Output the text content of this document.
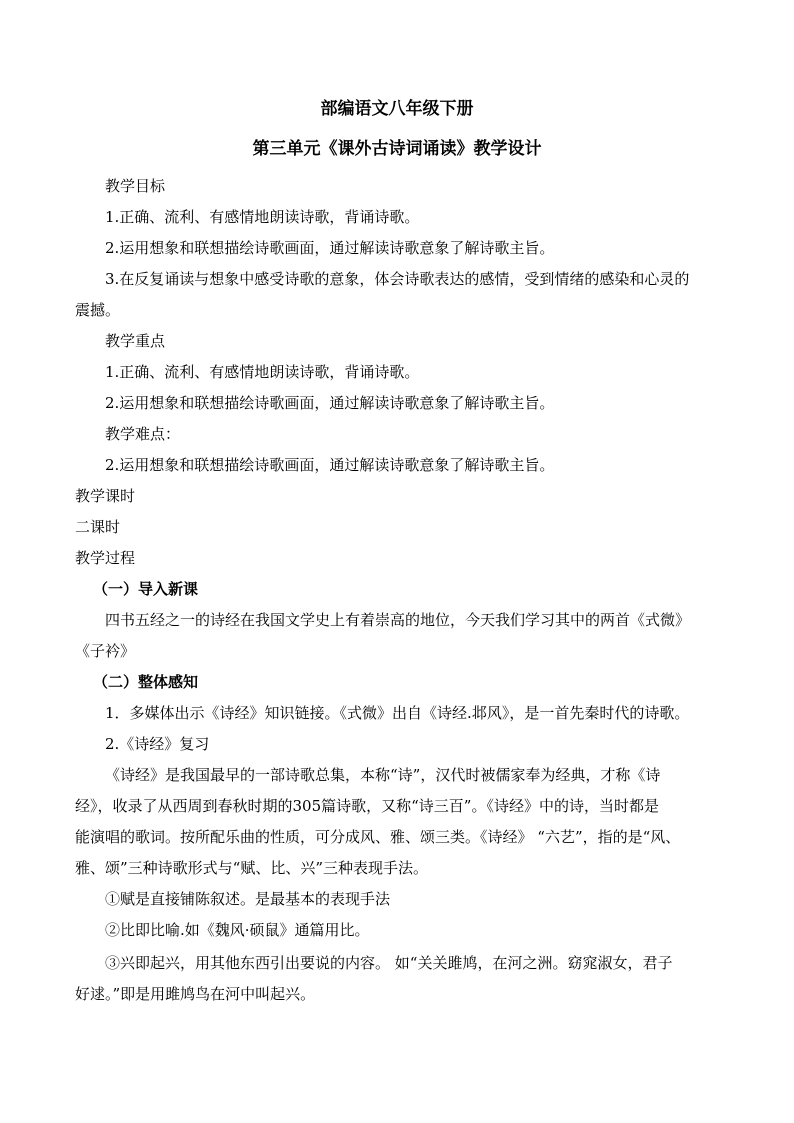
部编语文八年级下册
第三单元《课外古诗词诵读》教学设计
教学目标
1.正确、流利、有感情地朗读诗歌，背诵诗歌。
2.运用想象和联想描绘诗歌画面，通过解读诗歌意象了解诗歌主旨。
3.在反复诵读与想象中感受诗歌的意象，体会诗歌表达的感情，受到情绪的感染和心灵的
震撼。
教学重点
1.正确、流利、有感情地朗读诗歌，背诵诗歌。
2.运用想象和联想描绘诗歌画面，通过解读诗歌意象了解诗歌主旨。
教学难点：
2.运用想象和联想描绘诗歌画面，通过解读诗歌意象了解诗歌主旨。
教学课时
二课时
教学过程
（一）导入新课
四书五经之一的诗经在我国文学史上有着崇高的地位，今天我们学习其中的两首《式微》
《子衿》
（二）整体感知
1．多媒体出示《诗经》知识链接。《式微》出自《诗经.邶风》，是一首先秦时代的诗歌。
2.《诗经》复习
《诗经》是我国最早的一部诗歌总集，本称“诗”，汉代时被儒家奉为经典，才称《诗
经》，收录了从西周到春秋时期的305篇诗歌，又称“诗三百”。《诗经》中的诗，当时都是
能演唱的歌词。按所配乐曲的性质，可分成风、雅、颂三类。《诗经》 “六艺”，指的是“风、
雅、颂”三种诗歌形式与“赋、比、兴”三种表现手法。
①赋是直接铺陈叙述。是最基本的表现手法
②比即比喻.如《魏风·硕鼠》通篇用比。
③兴即起兴，用其他东西引出要说的内容。 如“关关雎鸠，在河之洲。窈窕淑女，君子
好逑。”即是用雎鸠鸟在河中叫起兴。
